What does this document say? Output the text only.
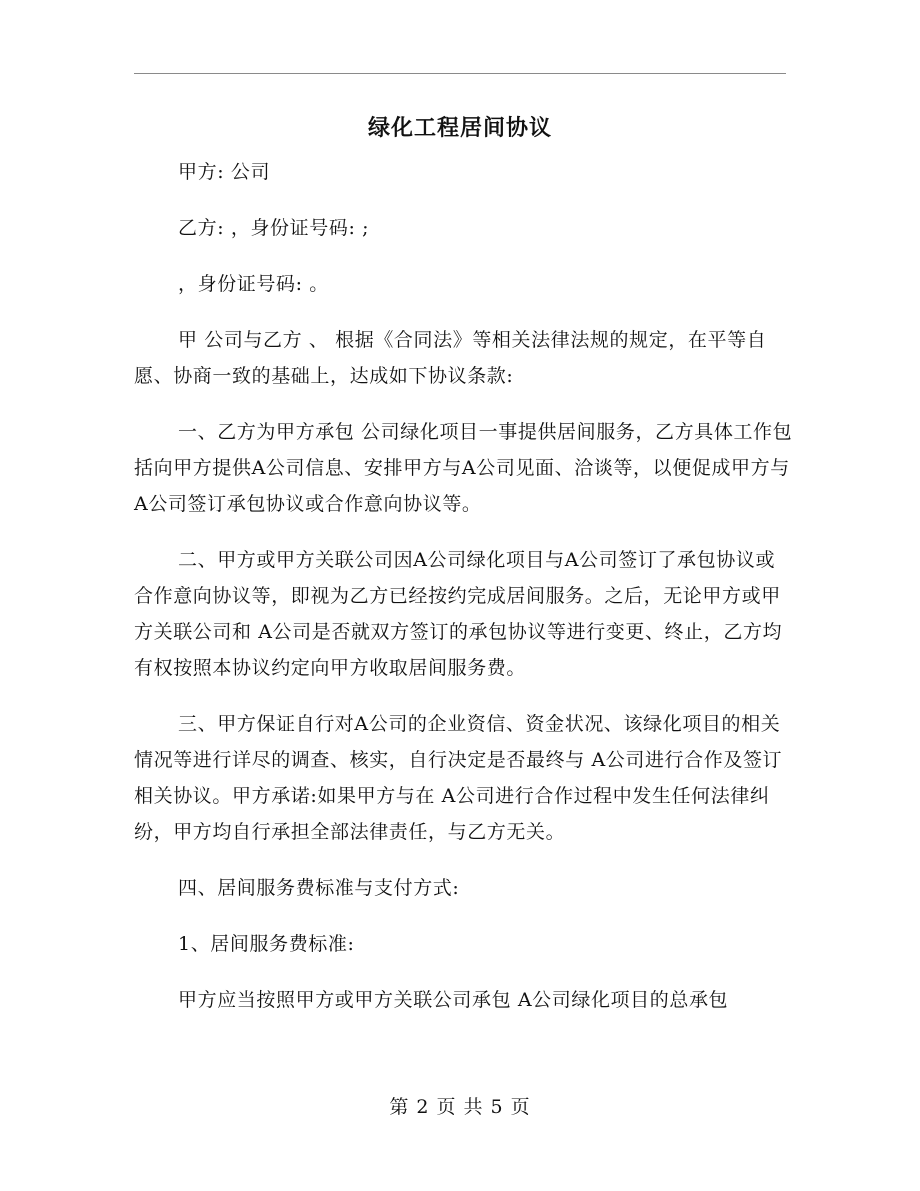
绿化工程居间协议

甲方: 公司

乙方: ，身份证号码: ;

，身份证号码: 。

甲 公司与乙方 、 根据《合同法》等相关法律法规的规定，在平等自愿、协商一致的基础上，达成如下协议条款:

一、乙方为甲方承包 公司绿化项目一事提供居间服务，乙方具体工作包括向甲方提供A公司信息、安排甲方与A公司见面、洽谈等，以便促成甲方与 A公司签订承包协议或合作意向协议等。

二、甲方或甲方关联公司因A公司绿化项目与A公司签订了承包协议或合作意向协议等，即视为乙方已经按约完成居间服务。之后，无论甲方或甲方关联公司和 A公司是否就双方签订的承包协议等进行变更、终止，乙方均有权按照本协议约定向甲方收取居间服务费。

三、甲方保证自行对A公司的企业资信、资金状况、该绿化项目的相关情况等进行详尽的调查、核实，自行决定是否最终与 A公司进行合作及签订相关协议。甲方承诺:如果甲方与在 A公司进行合作过程中发生任何法律纠纷，甲方均自行承担全部法律责任，与乙方无关。

四、居间服务费标准与支付方式:

1、居间服务费标准:

甲方应当按照甲方或甲方关联公司承包 A公司绿化项目的总承包

第 2 页 共 5 页
